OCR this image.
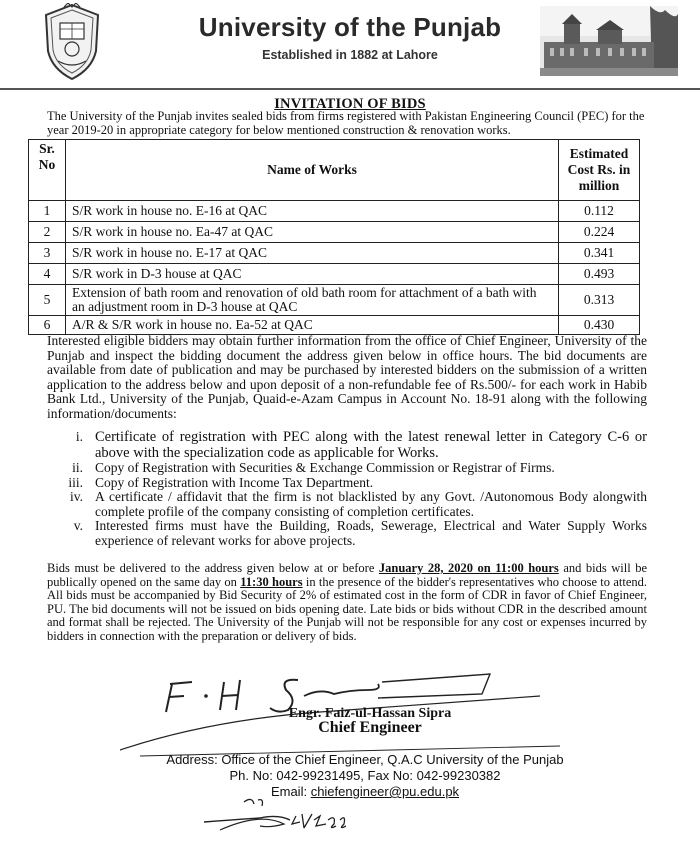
University of the Punjab
Established in 1882 at Lahore
INVITATION OF BIDS
The University of the Punjab invites sealed bids from firms registered with Pakistan Engineering Council (PEC) for the year 2019-20 in appropriate category for below mentioned construction & renovation works.
Sr. No	Name of Works	Estimated Cost Rs. in million
1	S/R work in house no. E-16 at QAC	0.112
2	S/R work in house no. Ea-47 at QAC	0.224
3	S/R work in house no. E-17 at QAC	0.341
4	S/R work in D-3 house at QAC	0.493
5	Extension of bath room and renovation of old bath room for attachment of a bath with an adjustment room in D-3 house at QAC	0.313
6	A/R & S/R work in house no. Ea-52 at QAC	0.430
Interested eligible bidders may obtain further information from the office of Chief Engineer, University of the Punjab and inspect the bidding document the address given below in office hours. The bid documents are available from date of publication and may be purchased by interested bidders on the submission of a written application to the address below and upon deposit of a non-refundable fee of Rs.500/- for each work in Habib Bank Ltd., University of the Punjab, Quaid-e-Azam Campus in Account No. 18-91 along with the following information/documents:
i. Certificate of registration with PEC along with the latest renewal letter in Category C-6 or above with the specialization code as applicable for Works.
ii. Copy of Registration with Securities & Exchange Commission or Registrar of Firms.
iii. Copy of Registration with Income Tax Department.
iv. A certificate / affidavit that the firm is not blacklisted by any Govt. /Autonomous Body alongwith complete profile of the company consisting of completion certificates.
v. Interested firms must have the Building, Roads, Sewerage, Electrical and Water Supply Works experience of relevant works for above projects.
Bids must be delivered to the address given below at or before January 28, 2020 on 11:00 hours and bids will be publically opened on the same day on 11:30 hours in the presence of the bidder's representatives who choose to attend. All bids must be accompanied by Bid Security of 2% of estimated cost in the form of CDR in favor of Chief Engineer, PU. The bid documents will not be issued on bids opening date. Late bids or bids without CDR in the described amount and format shall be rejected. The University of the Punjab will not be responsible for any cost or expenses incurred by bidders in connection with the preparation or delivery of bids.
Engr. Faiz-ul-Hassan Sipra
Chief Engineer
Address: Office of the Chief Engineer, Q.A.C University of the Punjab
Ph. No: 042-99231495, Fax No: 042-99230382
Email: chiefengineer@pu.edu.pk
